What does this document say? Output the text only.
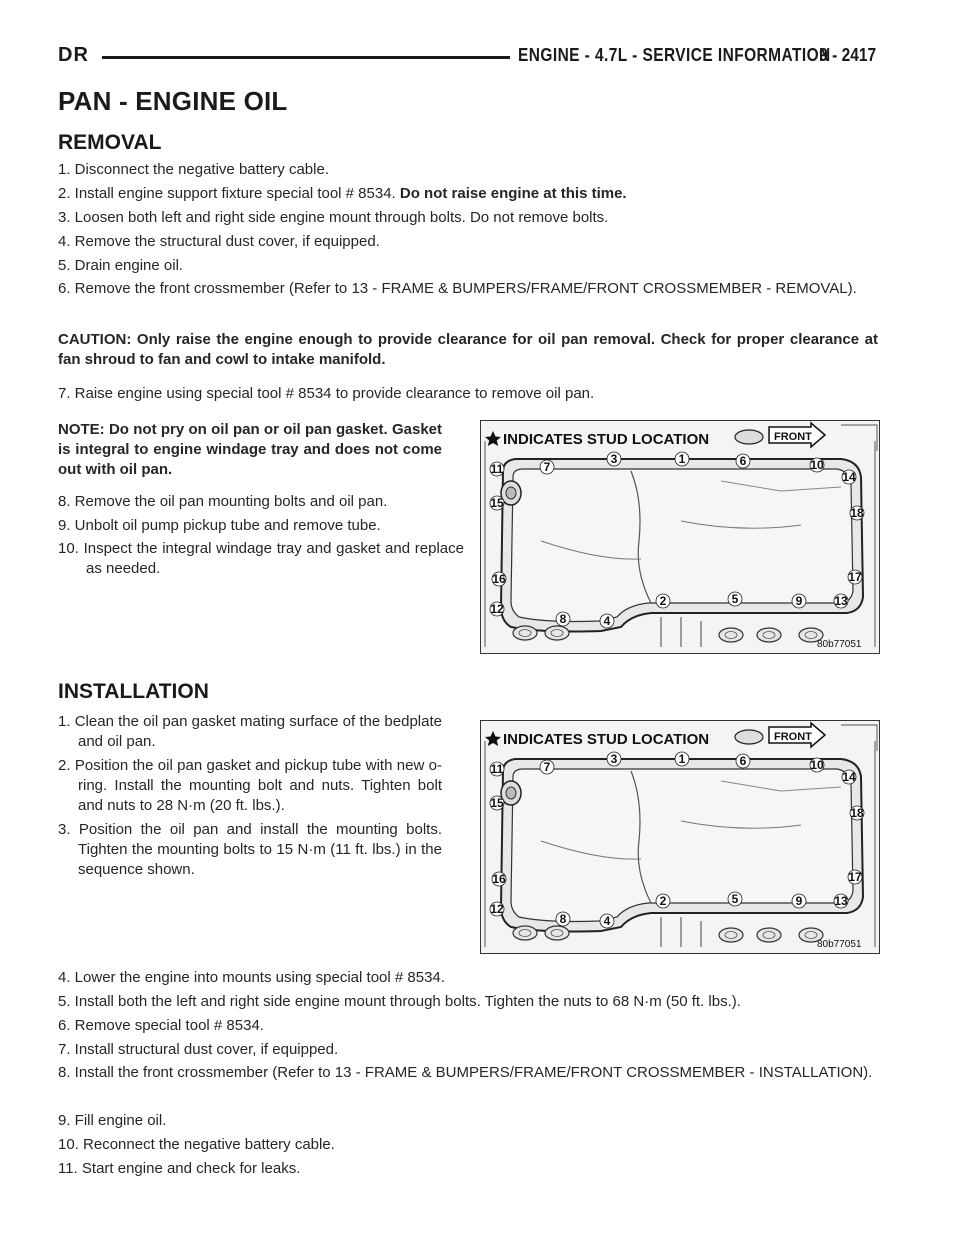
DR	ENGINE - 4.7L - SERVICE INFORMATION
9 - 2417
PAN - ENGINE OIL
REMOVAL
1. Disconnect the negative battery cable.
2. Install engine support fixture special tool # 8534. Do not raise engine at this time.
3. Loosen both left and right side engine mount through bolts. Do not remove bolts.
4. Remove the structural dust cover, if equipped.
5. Drain engine oil.
6. Remove the front crossmember (Refer to 13 - FRAME & BUMPERS/FRAME/FRONT CROSSMEMBER - REMOVAL).
CAUTION: Only raise the engine enough to provide clearance for oil pan removal. Check for proper clearance at fan shroud to fan and cowl to intake manifold.
7. Raise engine using special tool # 8534 to provide clearance to remove oil pan.
NOTE: Do not pry on oil pan or oil pan gasket. Gasket is integral to engine windage tray and does not come out with oil pan.
8. Remove the oil pan mounting bolts and oil pan.
9. Unbolt oil pump pickup tube and remove tube.
10. Inspect the integral windage tray and gasket and replace as needed.
INDICATES STUD LOCATION	FRONT
1
2
3
4
5
6
7
8
9
10
11
12
13
14
15
16	17
18
80b77051
INSTALLATION
1. Clean the oil pan gasket mating surface of the bedplate and oil pan.
2. Position the oil pan gasket and pickup tube with new o-ring. Install the mounting bolt and nuts. Tighten bolt and nuts to 28 N·m (20 ft. lbs.).
3. Position the oil pan and install the mounting bolts. Tighten the mounting bolts to 15 N·m (11 ft. lbs.) in the sequence shown.
INDICATES STUD LOCATION	FRONT
1
2
3
4
5
6
7
8
9
10
11
12
13
14
15
16	17
18
80b77051
4. Lower the engine into mounts using special tool # 8534.
5. Install both the left and right side engine mount through bolts. Tighten the nuts to 68 N·m (50 ft. lbs.).
6. Remove special tool # 8534.
7. Install structural dust cover, if equipped.
8. Install the front crossmember (Refer to 13 - FRAME & BUMPERS/FRAME/FRONT CROSSMEMBER - INSTALLATION).
9. Fill engine oil.
10. Reconnect the negative battery cable.
11. Start engine and check for leaks.
